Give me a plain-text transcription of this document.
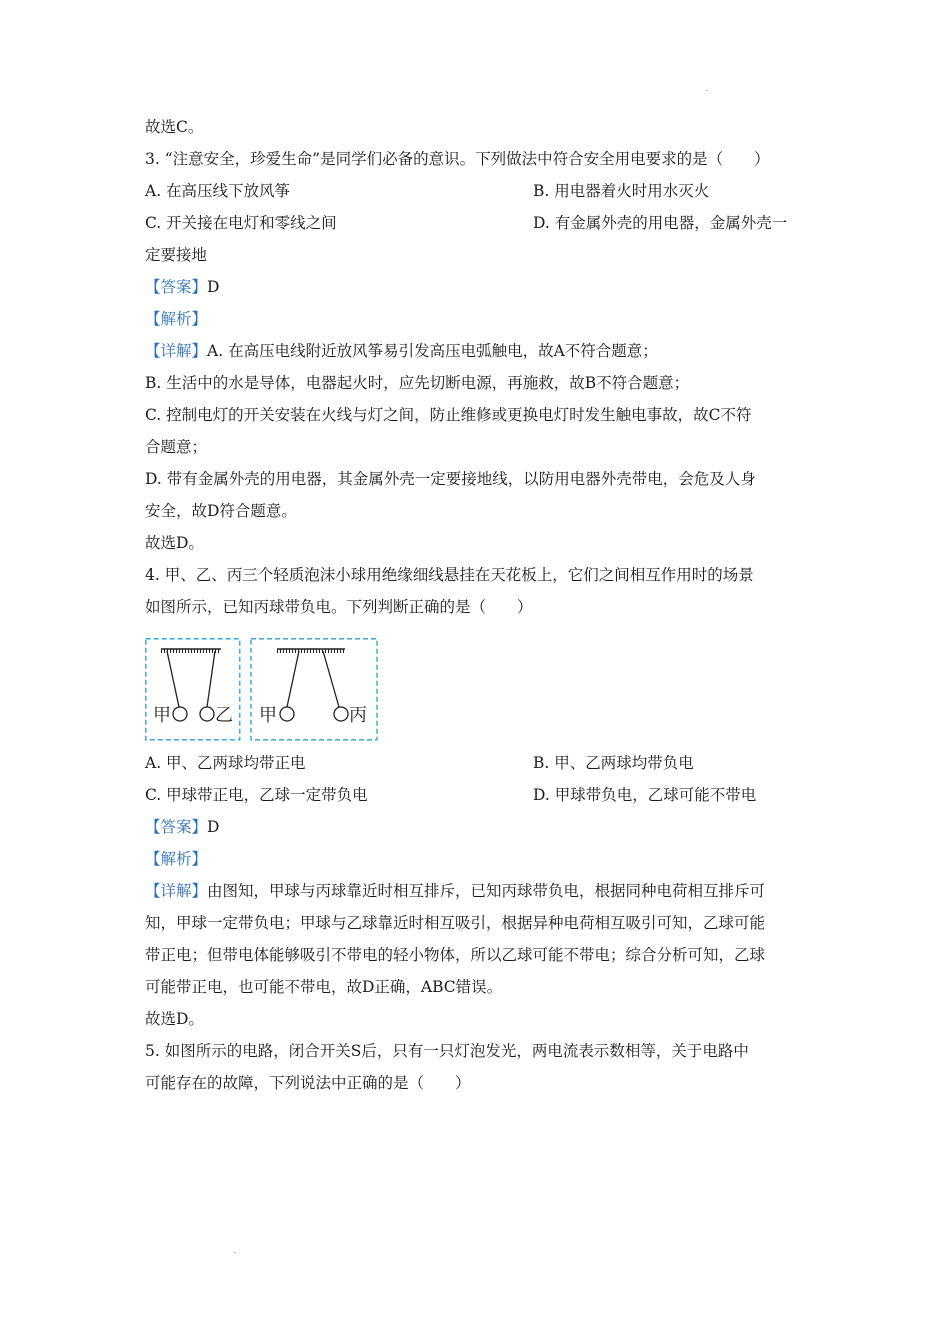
故选C。
3. “注意安全，珍爱生命”是同学们必备的意识。下列做法中符合安全用电要求的是（　　）
A. 在高压线下放风筝	B. 用电器着火时用水灭火
C. 开关接在电灯和零线之间	D. 有金属外壳的用电器，金属外壳一
定要接地
【答案】D
【解析】
【详解】A. 在高压电线附近放风筝易引发高压电弧触电，故A不符合题意；
B. 生活中的水是导体，电器起火时，应先切断电源，再施救，故B不符合题意；
C. 控制电灯的开关安装在火线与灯之间，防止维修或更换电灯时发生触电事故，故C不符
合题意；
D. 带有金属外壳的用电器，其金属外壳一定要接地线，以防用电器外壳带电，会危及人身
安全，故D符合题意。
故选D。
4. 甲、乙、丙三个轻质泡沫小球用绝缘细线悬挂在天花板上，它们之间相互作用时的场景
如图所示，已知丙球带负电。下列判断正确的是（　　）
甲 乙 甲	丙
A. 甲、乙两球均带正电	B. 甲、乙两球均带负电
C. 甲球带正电，乙球一定带负电	D. 甲球带负电，乙球可能不带电
【答案】D
【解析】
【详解】由图知，甲球与丙球靠近时相互排斥，已知丙球带负电，根据同种电荷相互排斥可
知，甲球一定带负电；甲球与乙球靠近时相互吸引，根据异种电荷相互吸引可知，乙球可能
带正电；但带电体能够吸引不带电的轻小物体，所以乙球可能不带电；综合分析可知，乙球
可能带正电，也可能不带电，故D正确，ABC错误。
故选D。
5. 如图所示的电路，闭合开关S后，只有一只灯泡发光，两电流表示数相等，关于电路中
可能存在的故障，下列说法中正确的是（　　）
